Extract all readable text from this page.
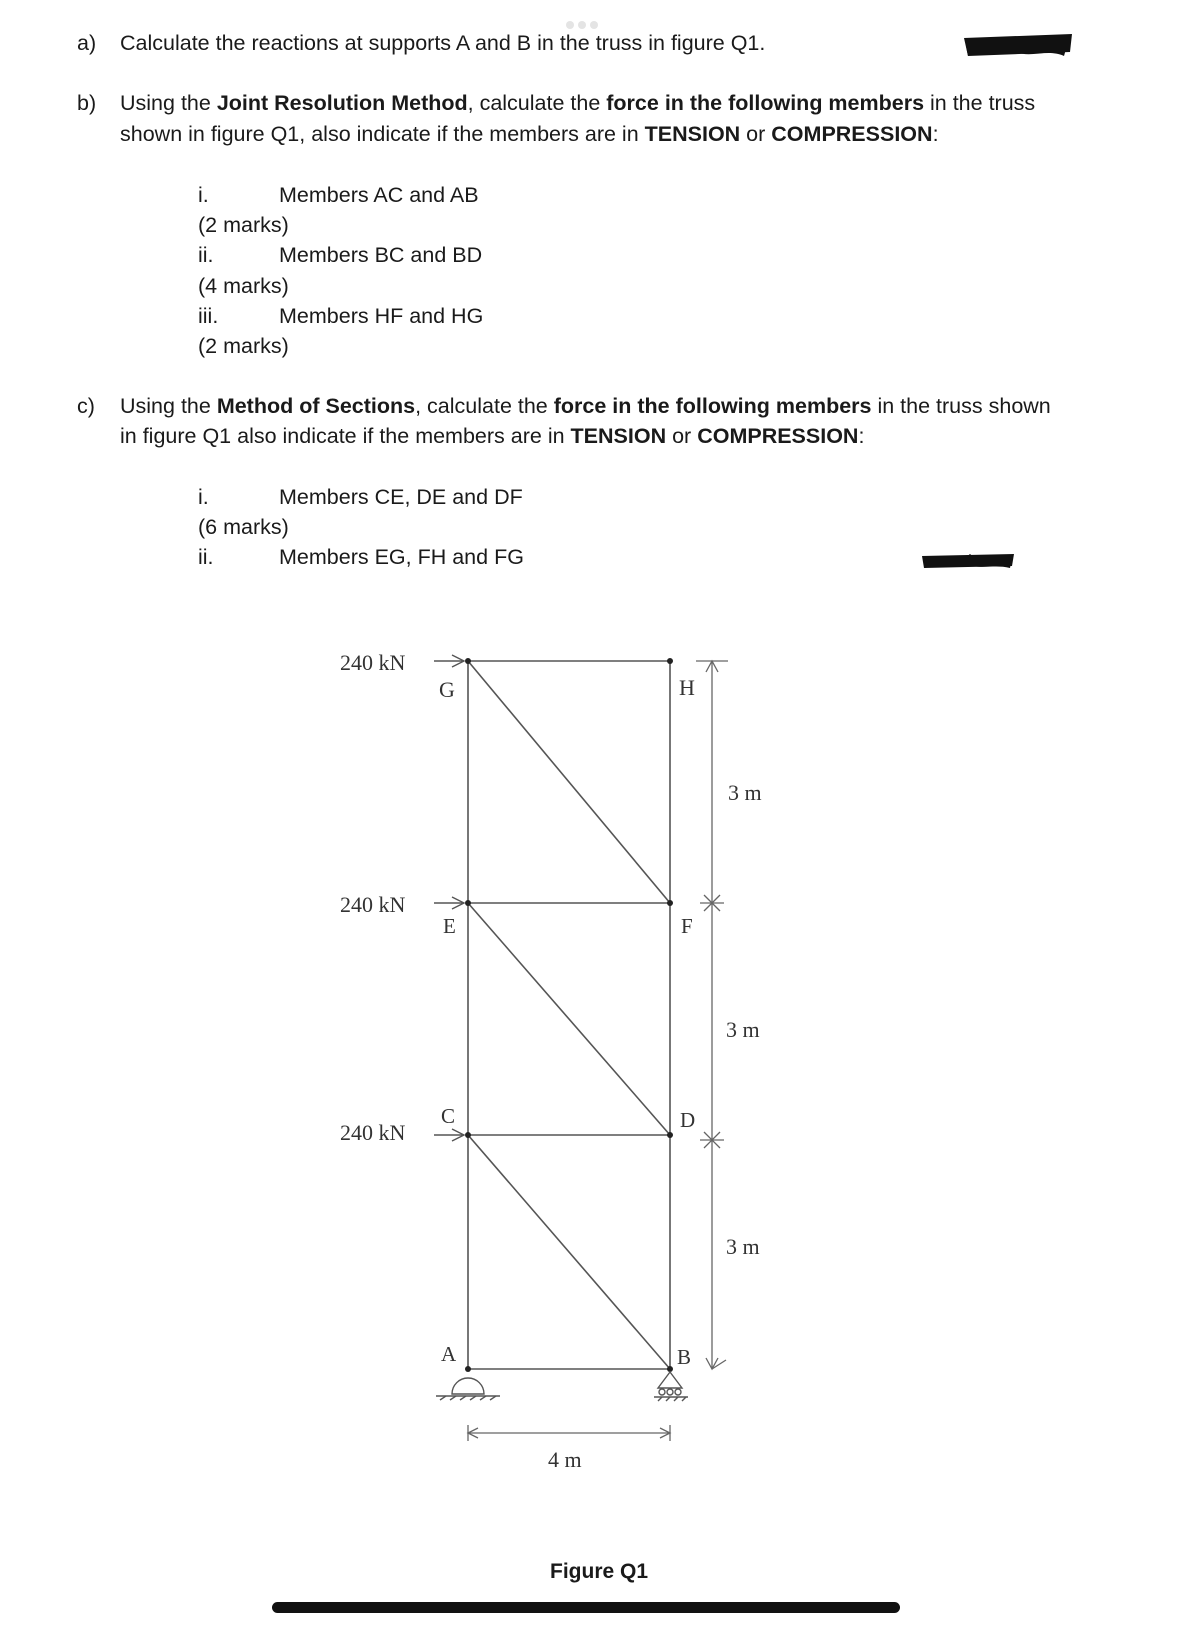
a) Calculate the reactions at supports A and B in the truss in figure Q1.
b) Using the Joint Resolution Method, calculate the force in the following members in the truss
shown in figure Q1, also indicate if the members are in TENSION or COMPRESSION:
i.	Members AC and AB
(2 marks)
ii.	Members BC and BD
(4 marks)
iii.	Members HF and HG
(2 marks)
c) Using the Method of Sections, calculate the force in the following members in the truss shown
in figure Q1 also indicate if the members are in TENSION or COMPRESSION:
i.	Members CE, DE and DF
(6 marks)
ii.	Members EG, FH and FG
240 kN
240 kN
240 kN
G	H
E	F
C	D
A	B
3 m
3 m
3 m
4 m
Figure Q1
